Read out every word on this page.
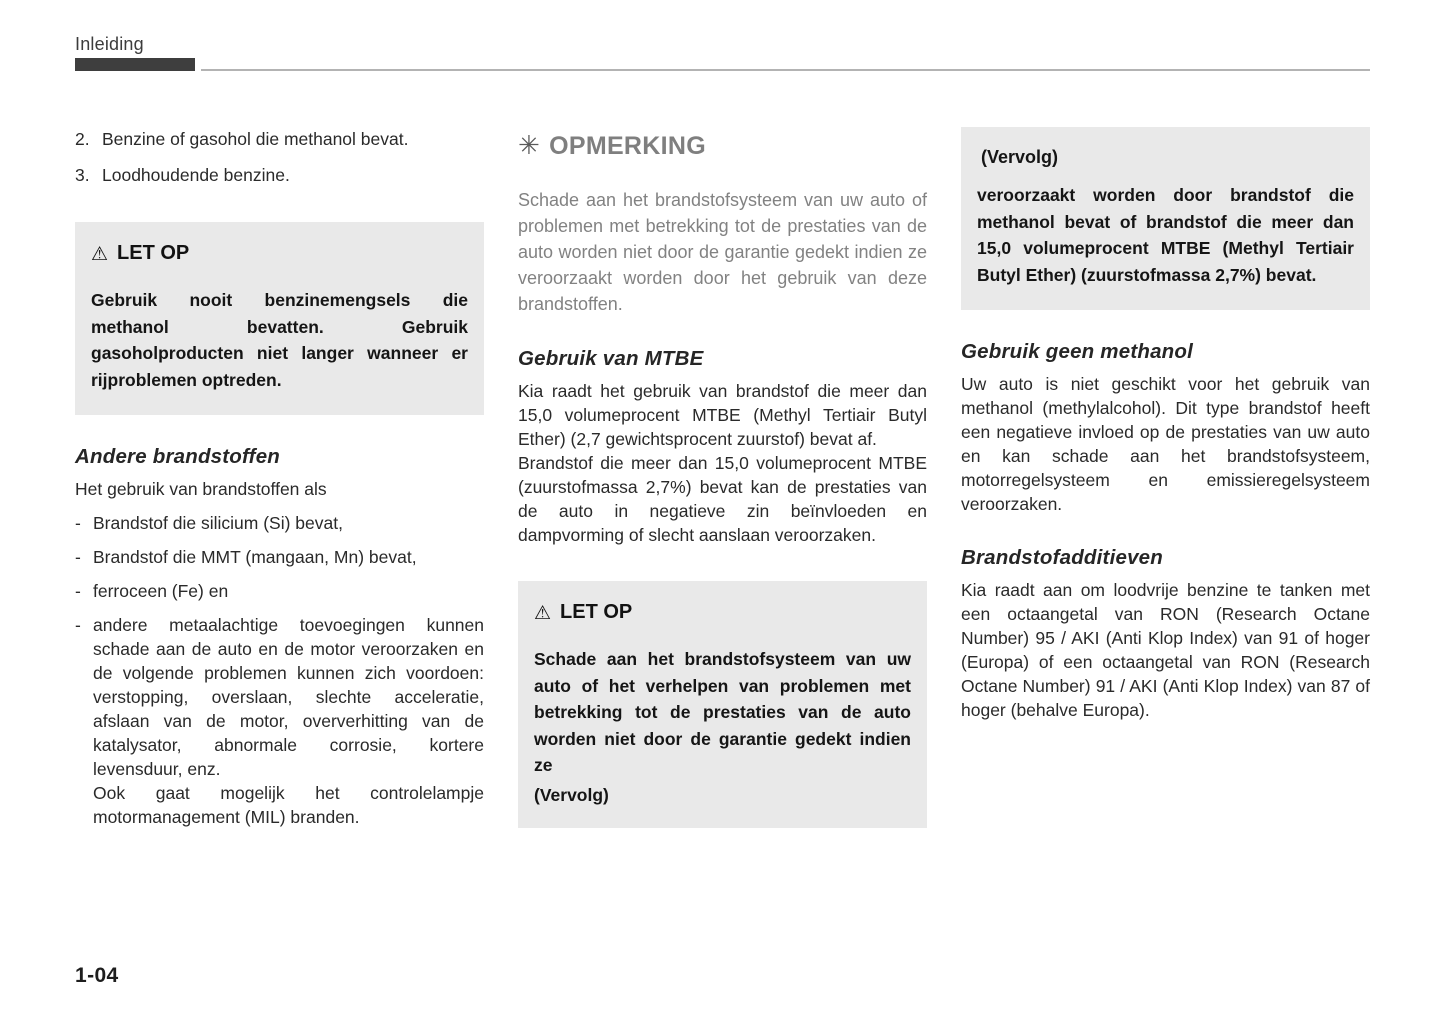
Inleiding
2. Benzine of gasohol die methanol bevat.
3. Loodhoudende benzine.
⚠ LET OP
Gebruik nooit benzinemengsels die methanol bevatten. Gebruik gasoholproducten niet langer wanneer er rijproblemen optreden.
Andere brandstoffen

Het gebruik van brandstoffen als

- Brandstof die silicium (Si) bevat,
- Brandstof die MMT (mangaan, Mn) bevat,
- ferroceen (Fe) en
- andere metaalachtige toevoegingen kunnen schade aan de auto en de motor veroorzaken en de volgende problemen kunnen zich voordoen: verstopping, overslaan, slechte acceleratie, afslaan van de motor, oververhitting van de katalysator, abnormale corrosie, kortere levensduur, enz.

Ook gaat mogelijk het controlelampje motormanagement (MIL) branden.

✳ OPMERKING

Schade aan het brandstofsysteem van uw auto of problemen met betrekking tot de prestaties van de auto worden niet door de garantie gedekt indien ze veroorzaakt worden door het gebruik van deze brandstoffen.

Gebruik van MTBE

Kia raadt het gebruik van brandstof die meer dan 15,0 volumeprocent MTBE (Methyl Tertiair Butyl Ether) (2,7 gewichtsprocent zuurstof) bevat af.

Brandstof die meer dan 15,0 volumeprocent MTBE (zuurstofmassa 2,7%) bevat kan de prestaties van de auto in negatieve zin beïnvloeden en dampvorming of slecht aanslaan veroorzaken.

⚠ LET OP
Schade aan het brandstofsysteem van uw auto of het verhelpen van problemen met betrekking tot de prestaties van de auto worden niet door de garantie gedekt indien ze
(Vervolg)
(Vervolg)
veroorzaakt worden door brandstof die methanol bevat of brandstof die meer dan 15,0 volumeprocent MTBE (Methyl Tertiair Butyl Ether) (zuurstofmassa 2,7%) bevat.
Gebruik geen methanol

Uw auto is niet geschikt voor het gebruik van methanol (methylalcohol). Dit type brandstof heeft een negatieve invloed op de prestaties van uw auto en kan schade aan het brandstofsysteem, motorregelsysteem en emissieregelsysteem veroorzaken.

Brandstofadditieven

Kia raadt aan om loodvrije benzine te tanken met een octaangetal van RON (Research Octane Number) 95 / AKI (Anti Klop Index) van 91 of hoger (Europa) of een octaangetal van RON (Research Octane Number) 91 / AKI (Anti Klop Index) van 87 of hoger (behalve Europa).

1-04
